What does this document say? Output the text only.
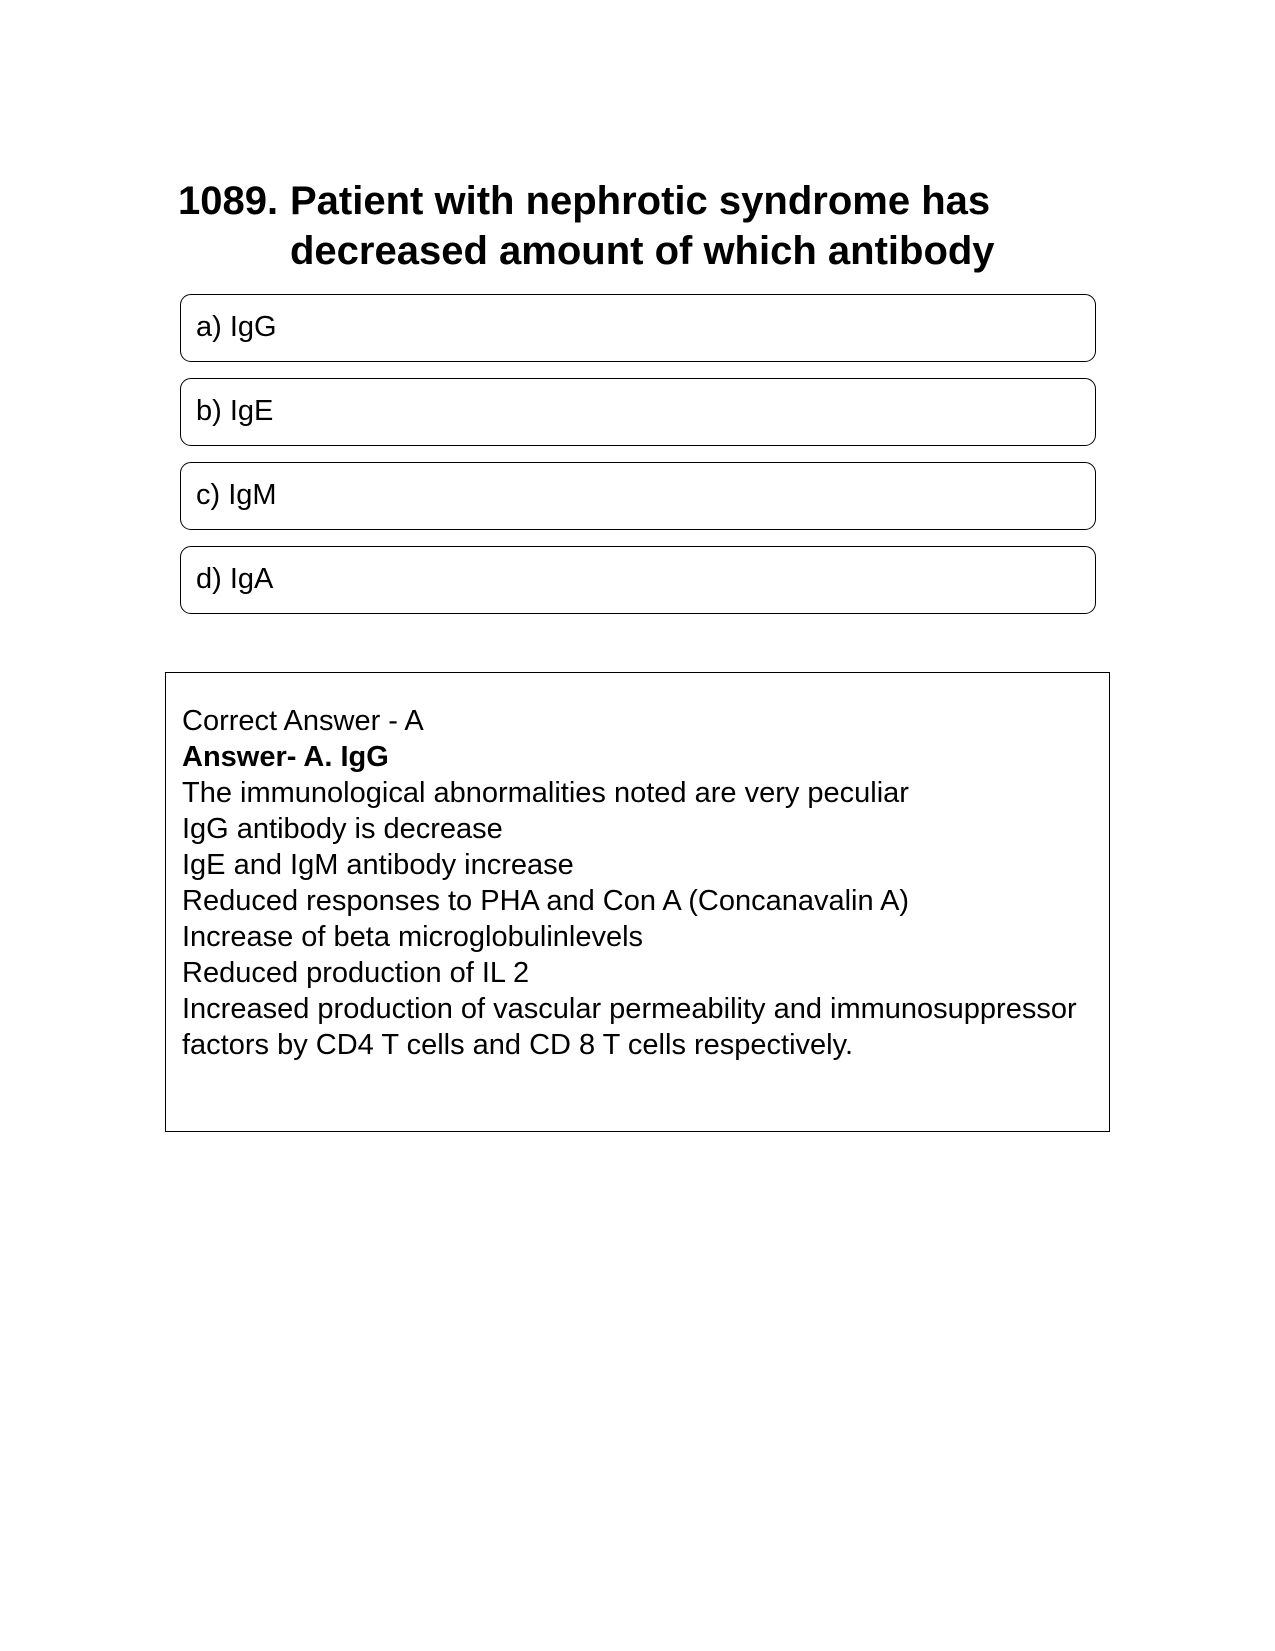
1089. Patient with nephrotic syndrome has decreased amount of which antibody
a) IgG
b) IgE
c) IgM
d) IgA
Correct Answer - A
Answer- A. IgG
The immunological abnormalities noted are very peculiar
IgG antibody is decrease
IgE and IgM antibody increase
Reduced responses to PHA and Con A (Concanavalin A)
Increase of beta microglobulinlevels
Reduced production of IL 2
Increased production of vascular permeability and immunosuppressor factors by CD4 T cells and CD 8 T cells respectively.
